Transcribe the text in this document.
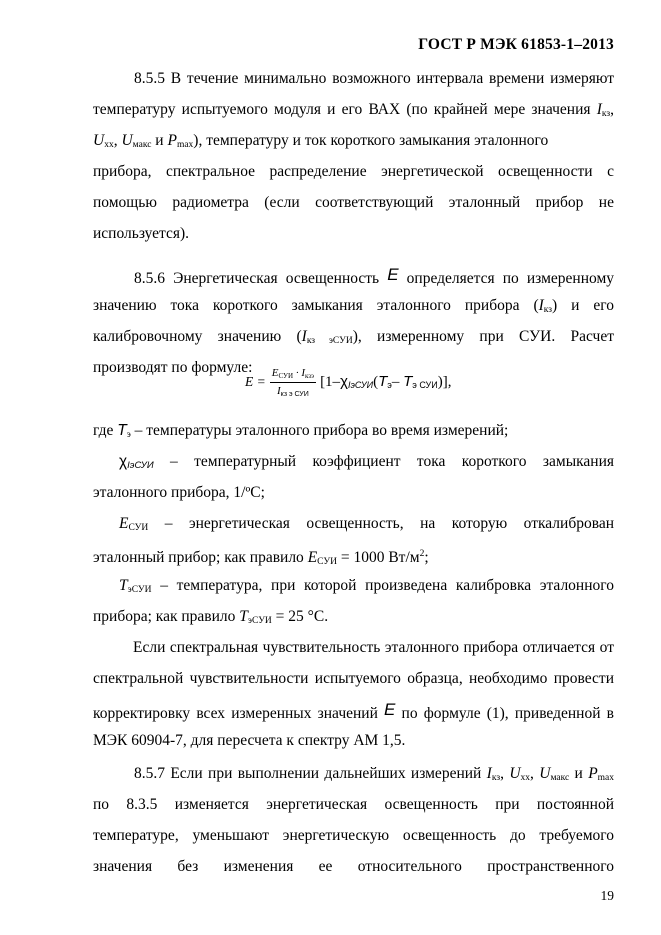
ГОСТ Р МЭК 61853-1–2013
8.5.5 В течение минимально возможного интервала времени измеряют
температуру испытуемого модуля и его ВАХ (по крайней мере значения $I_{кз}$,
$U_{хх}$, $U_{макс}$ и $P_{max}$), температуру и ток короткого замыкания эталонного
прибора, спектральное распределение энергетической освещенности с
помощью радиометра (если соответствующий эталонный прибор не
используется).
8.5.6 Энергетическая освещенность E определяется по измеренному
значению тока короткого замыкания эталонного прибора $(I_{кз})$ и его
калибровочному значению $(I_{кз эСУИ})$, измеренному при СУИ. Расчет
производят по формуле:
$E = \frac{E_{СУИ} \cdot I_{кзэ}}{I_{кз э СУИ}} [1-\chi_{IэСУИ}(T_э-$ $T_{э СУИ}$)],
где $T_э$ – температуры эталонного прибора во время измерений;
$\chi_{IэСУИ}$ – температурный коэффициент тока короткого замыкания
эталонного прибора, 1/ºС;
$E_{СУИ}$ – энергетическая освещенность, на которую откалиброван
эталонный прибор; как правило $E_{СУИ} = 1000$ $Вт/м^2$;
$T_{эСУИ}$ – температура, при которой произведена калибровка эталонного
прибора; как правило $T_{эСУИ} = 25$ °С.
Если спектральная чувствительность эталонного прибора отличается от
спектральной чувствительности испытуемого образца, необходимо провести
корректировку всех измеренных значений E по формуле (1), приведенной в
МЭК 60904-7, для пересчета к спектру АМ 1,5.
8.5.7 Если при выполнении дальнейших измерений $I_{кз}$, $U_{хх}$, $U_{макс}$ и $P_{max}$
по 8.3.5 изменяется энергетическая освещенность при постоянной
температуре, уменьшают энергетическую освещенность до требуемого
значения без изменения ее относительного пространственного
19
